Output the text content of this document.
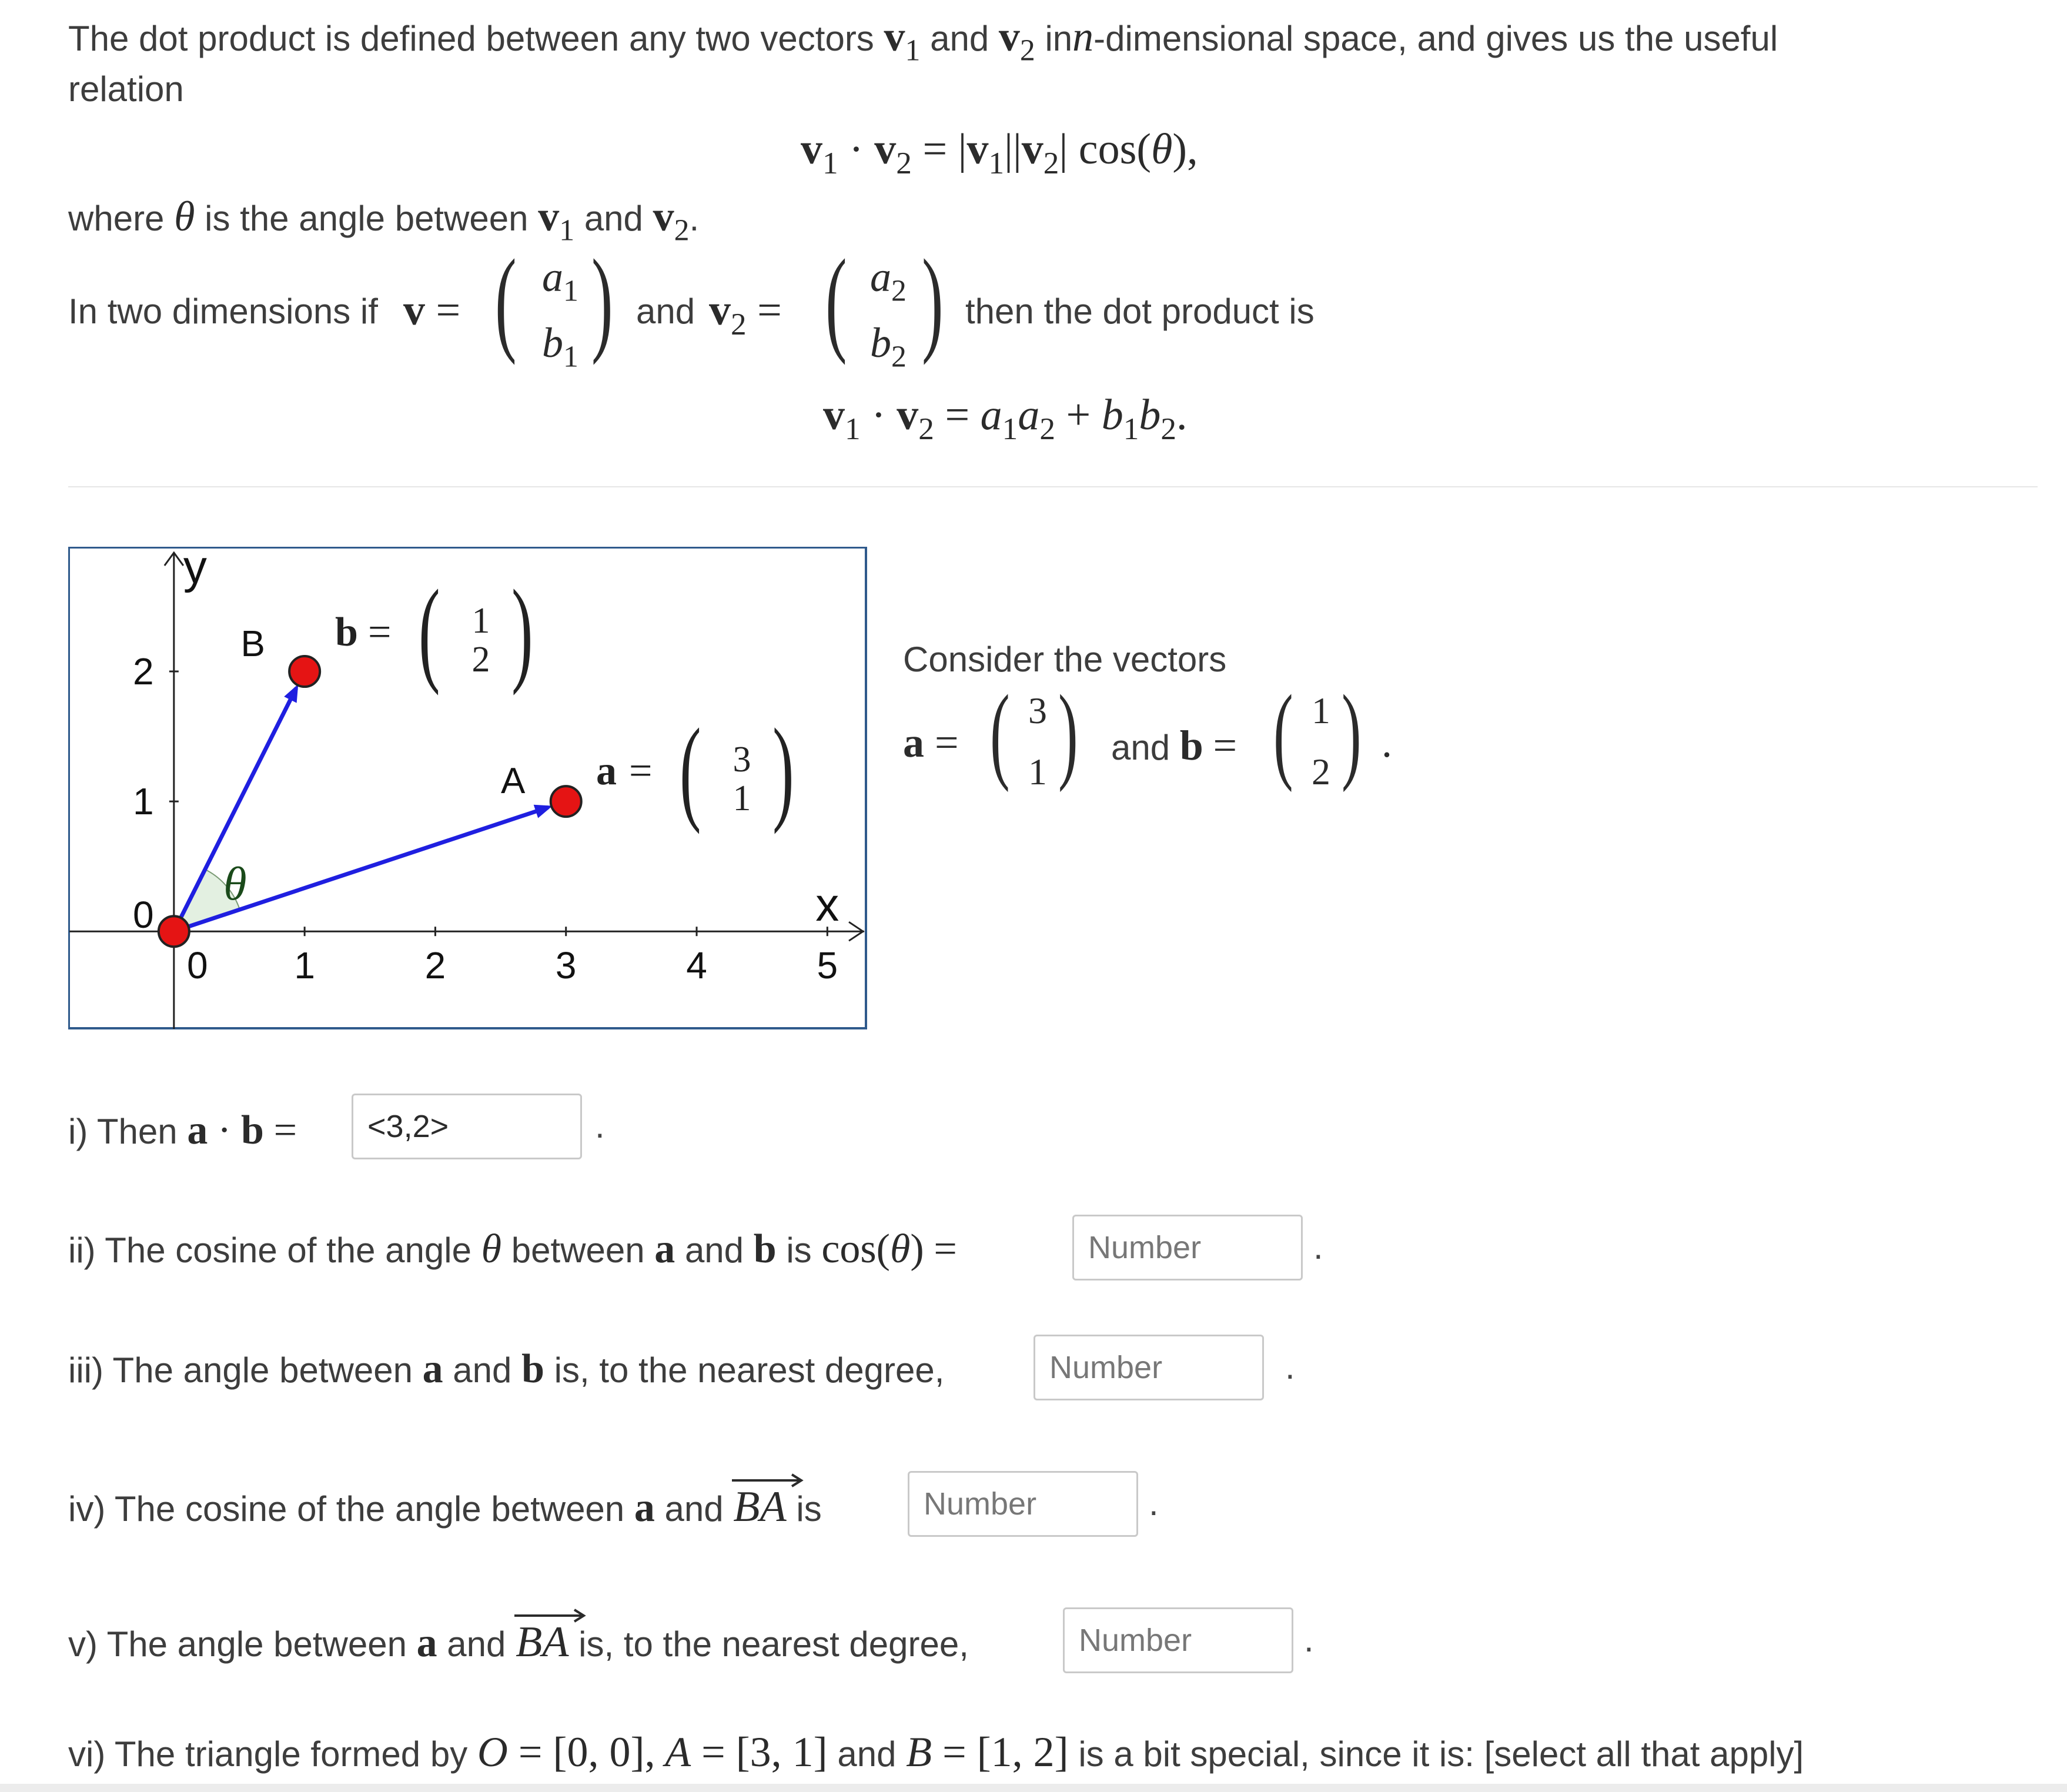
The dot product is defined between any two vectors $v_1$ and $v_2$ inn-dimensional space, and gives us the useful
relation
$v_1 \cdot v_2 = |v_1||v_2|$ cos(θ),
where θ is the angle between $v_1$ and $v_2$.
In two dimensions if v = ( $a_1$
$b_1$ ) and $v_2$ = ( $a_2$
$b_2$ ) then the dot product is
$v_1 \cdot v_2 = a_1a_2 + b_1b_2$.
0 1	2	3	4	5
0
1
2
y
x
θ
B
A
b = ( 1
2 )
a = ( 3
1 )
Consider the vectors
a = ( 3
1 ) and b = ( 1
2 ) .
i) Then a · b =	<3,2>	.
ii) The cosine of the angle θ between a and b is cos(θ) =	Number	.
iii) The angle between a and b is, to the nearest degree,	Number	.
iv) The cosine of the angle between a and BA is	Number	.
v) The angle between a and BA is, to the nearest degree,	Number	.
vi) The triangle formed by O = [0, 0], A = [3, 1] and B = [1, 2] is a bit special, since it is: [select all that apply]
